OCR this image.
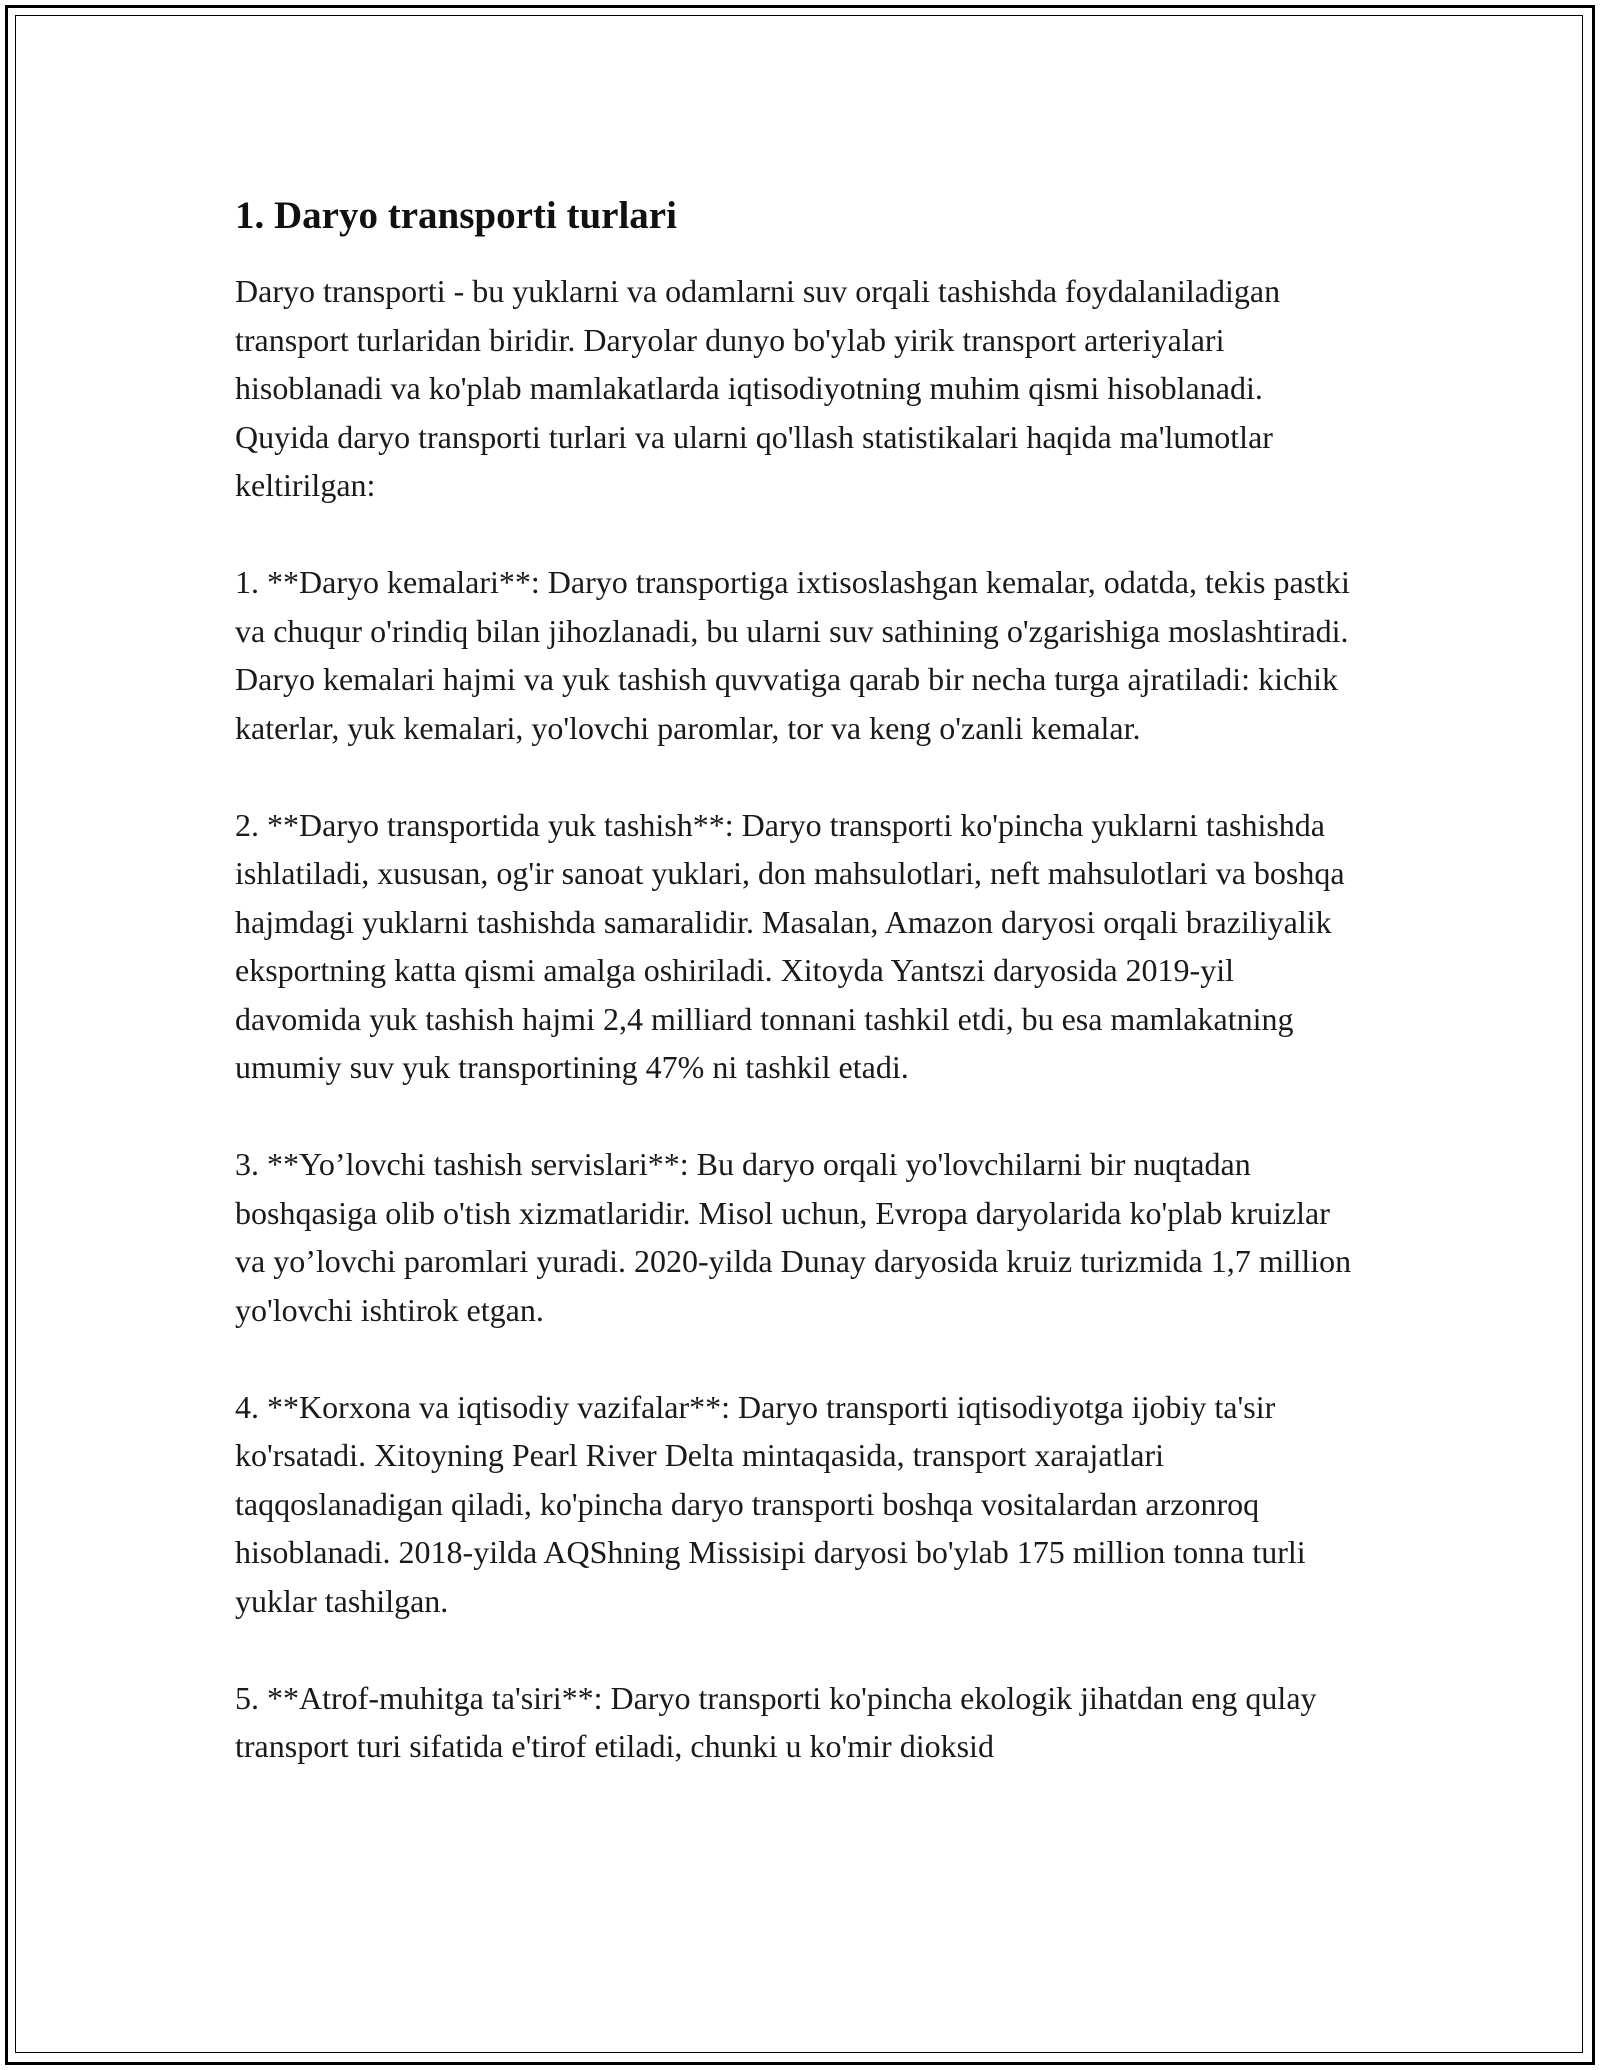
1. Daryo transporti turlari

Daryo transporti - bu yuklarni va odamlarni suv orqali tashishda foydalaniladigan transport turlaridan biridir. Daryolar dunyo bo'ylab yirik transport arteriyalari hisoblanadi va ko'plab mamlakatlarda iqtisodiyotning muhim qismi hisoblanadi. Quyida daryo transporti turlari va ularni qo'llash statistikalari haqida ma'lumotlar keltirilgan:

1. **Daryo kemalari**: Daryo transportiga ixtisoslashgan kemalar, odatda, tekis pastki va chuqur o'rindiq bilan jihozlanadi, bu ularni suv sathining o'zgarishiga moslashtiradi. Daryo kemalari hajmi va yuk tashish quvvatiga qarab bir necha turga ajratiladi: kichik katerlar, yuk kemalari, yo'lovchi paromlar, tor va keng o'zanli kemalar.

2. **Daryo transportida yuk tashish**: Daryo transporti ko'pincha yuklarni tashishda ishlatiladi, xususan, og'ir sanoat yuklari, don mahsulotlari, neft mahsulotlari va boshqa hajmdagi yuklarni tashishda samaralidir. Masalan, Amazon daryosi orqali braziliyalik eksportning katta qismi amalga oshiriladi. Xitoyda Yantszi daryosida 2019-yil davomida yuk tashish hajmi 2,4 milliard tonnani tashkil etdi, bu esa mamlakatning umumiy suv yuk transportining 47% ni tashkil etadi.

3. **Yo’lovchi tashish servislari**: Bu daryo orqali yo'lovchilarni bir nuqtadan boshqasiga olib o'tish xizmatlaridir. Misol uchun, Evropa daryolarida ko'plab kruizlar va yo’lovchi paromlari yuradi. 2020-yilda Dunay daryosida kruiz turizmida 1,7 million yo'lovchi ishtirok etgan.

4. **Korxona va iqtisodiy vazifalar**: Daryo transporti iqtisodiyotga ijobiy ta'sir ko'rsatadi. Xitoyning Pearl River Delta mintaqasida, transport xarajatlari taqqoslanadigan qiladi, ko'pincha daryo transporti boshqa vositalardan arzonroq hisoblanadi. 2018-yilda AQShning Missisipi daryosi bo'ylab 175 million tonna turli yuklar tashilgan.

5. **Atrof-muhitga ta'siri**: Daryo transporti ko'pincha ekologik jihatdan eng qulay transport turi sifatida e'tirof etiladi, chunki u ko'mir dioksid
